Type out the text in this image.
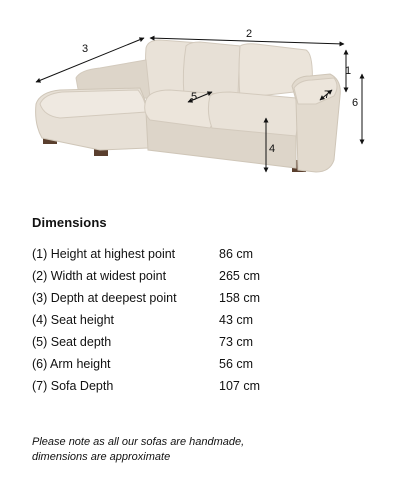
1
2
3
4
5	6
7
Dimensions
(1) Height at highest point	86 cm
(2) Width at widest point	265 cm
(3) Depth at deepest point	158 cm
(4) Seat height	43 cm
(5) Seat depth	73 cm
(6) Arm height	56 cm
(7) Sofa Depth	107 cm
Please note as all our sofas are handmade,
dimensions are approximate
